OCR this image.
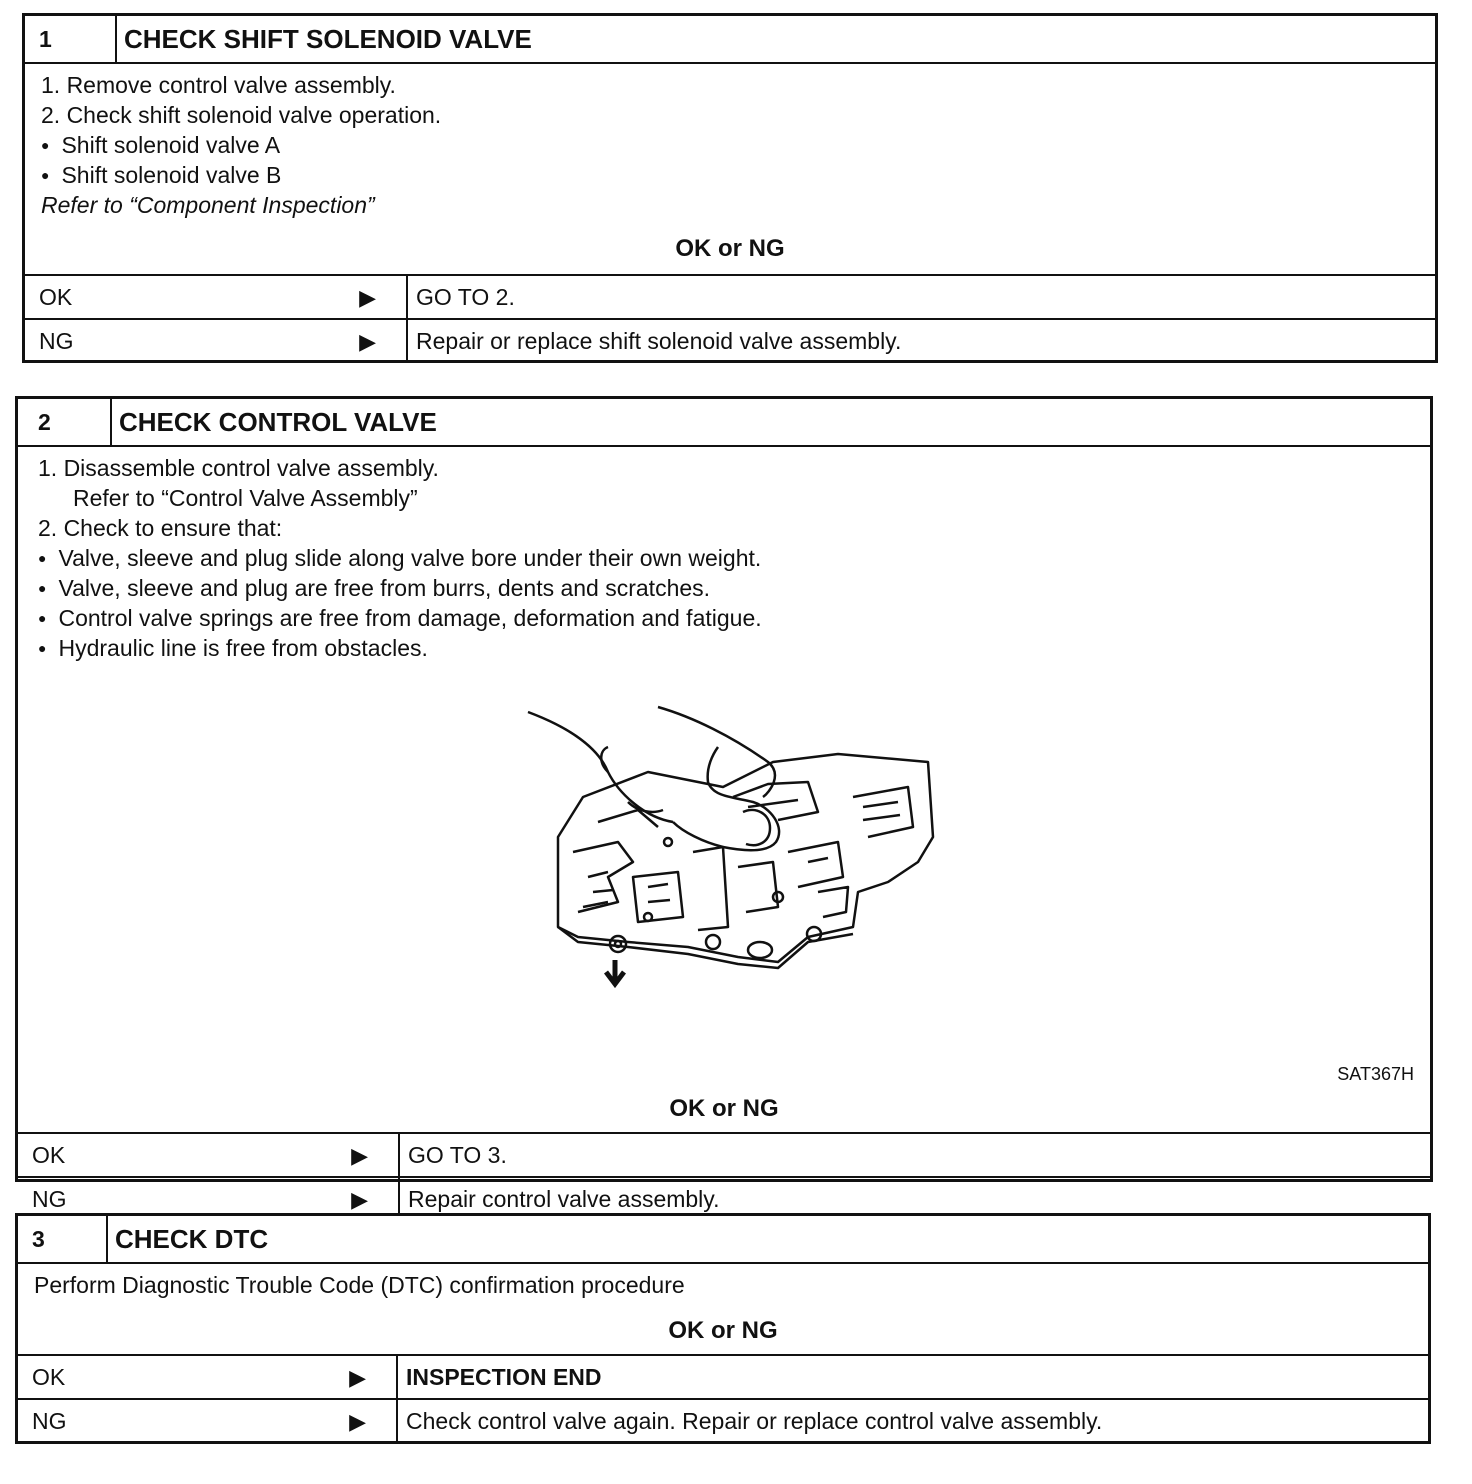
1	CHECK SHIFT SOLENOID VALVE
1. Remove control valve assembly.
2. Check shift solenoid valve operation.
● Shift solenoid valve A
● Shift solenoid valve B
Refer to “Component Inspection”
OK or NG
OK	▶	GO TO 2.
NG	▶	Repair or replace shift solenoid valve assembly.
2	CHECK CONTROL VALVE
1. Disassemble control valve assembly.
Refer to “Control Valve Assembly”
2. Check to ensure that:
● Valve, sleeve and plug slide along valve bore under their own weight.
● Valve, sleeve and plug are free from burrs, dents and scratches.
● Control valve springs are free from damage, deformation and fatigue.
● Hydraulic line is free from obstacles.
SAT367H
OK or NG
OK	▶	GO TO 3.
NG	▶	Repair control valve assembly.
3	CHECK DTC
Perform Diagnostic Trouble Code (DTC) confirmation procedure
OK or NG
OK	▶	INSPECTION END
NG	▶	Check control valve again. Repair or replace control valve assembly.
